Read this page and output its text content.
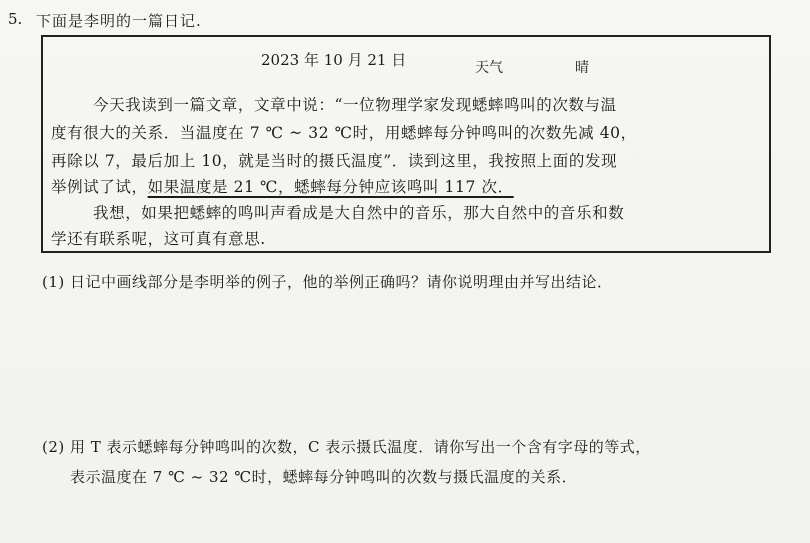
5. 下面是李明的一篇日记.
2023 年 10 月 21 日	天气	晴
今天我读到一篇文章，文章中说：“一位物理学家发现蟋蟀鸣叫的次数与温
度有很大的关系．当温度在 7 ℃ ~ 32 ℃时，用蟋蟀每分钟鸣叫的次数先减 40，
再除以 7，最后加上 10，就是当时的摄氏温度”．读到这里，我按照上面的发现
举例试了试，如果温度是 21 ℃，蟋蟀每分钟应该鸣叫 117 次．
我想，如果把蟋蟀的鸣叫声看成是大自然中的音乐，那大自然中的音乐和数
学还有联系呢，这可真有意思.
(1) 日记中画线部分是李明举的例子，他的举例正确吗？请你说明理由并写出结论．
(2) 用 T 表示蟋蟀每分钟鸣叫的次数，C 表示摄氏温度．请你写出一个含有字母的等式，
表示温度在 7 ℃ ~ 32 ℃时，蟋蟀每分钟鸣叫的次数与摄氏温度的关系．
